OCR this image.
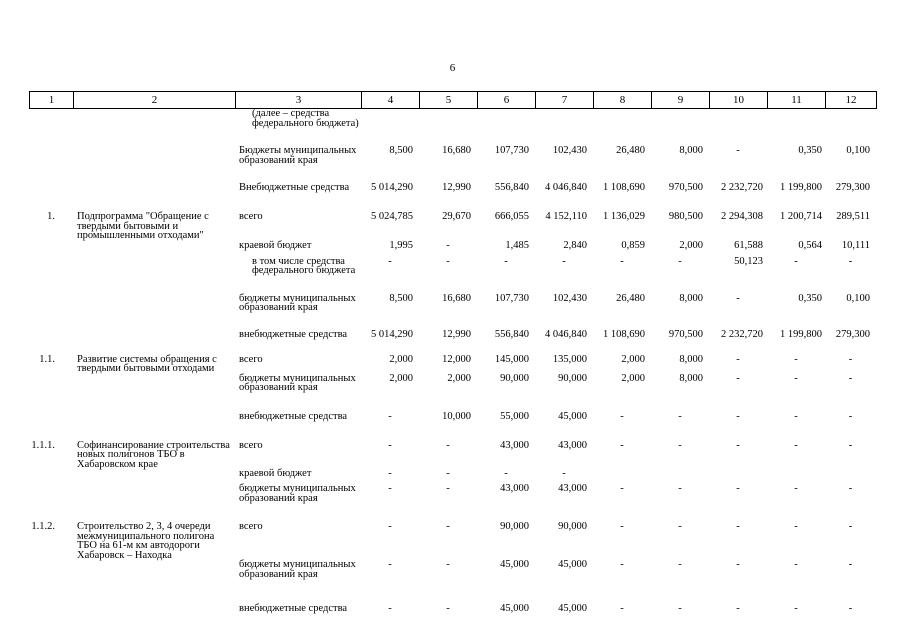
6
1	2	3	4	5	6	7	8	9	10	11	12
		(далее – средства федерального бюджета)									
		Бюджеты муниципальных образований края	8,500	16,680	107,730	102,430	26,480	8,000	-	0,350	0,100
		Внебюджетные средства	5 014,290	12,990	556,840	4 046,840	1 108,690	970,500	2 232,720	1 199,800	279,300
1.	Подпрограмма "Обращение с твердыми бытовыми и промышленными отходами"	всего	5 024,785	29,670	666,055	4 152,110	1 136,029	980,500	2 294,308	1 200,714	289,511
		краевой бюджет	1,995	-	1,485	2,840	0,859	2,000	61,588	0,564	10,111
		в том числе средства федерального бюджета	-	-	-	-	-	-	50,123	-	-
		бюджеты муниципальных образований края	8,500	16,680	107,730	102,430	26,480	8,000	-	0,350	0,100
		внебюджетные средства	5 014,290	12,990	556,840	4 046,840	1 108,690	970,500	2 232,720	1 199,800	279,300
1.1.	Развитие системы обращения с твердыми бытовыми отходами	всего	2,000	12,000	145,000	135,000	2,000	8,000	-	-	-
		бюджеты муниципальных образований края	2,000	2,000	90,000	90,000	2,000	8,000	-	-	-
		внебюджетные средства	-	10,000	55,000	45,000	-	-	-	-	-
1.1.1.	Софинансирование строительства новых полигонов ТБО в Хабаровском крае	всего	-	-	43,000	43,000	-	-	-	-	-
		краевой бюджет	-	-	-	-					
		бюджеты муниципальных образований края	-	-	43,000	43,000	-	-	-	-	-
1.1.2.	Строительство 2, 3, 4 очереди межмуниципального полигона ТБО на 61-м км автодороги Хабаровск – Находка	всего	-	-	90,000	90,000	-	-	-	-	-
		бюджеты муниципальных образований края	-	-	45,000	45,000	-	-	-	-	-
		внебюджетные средства	-	-	45,000	45,000	-	-	-	-	-
